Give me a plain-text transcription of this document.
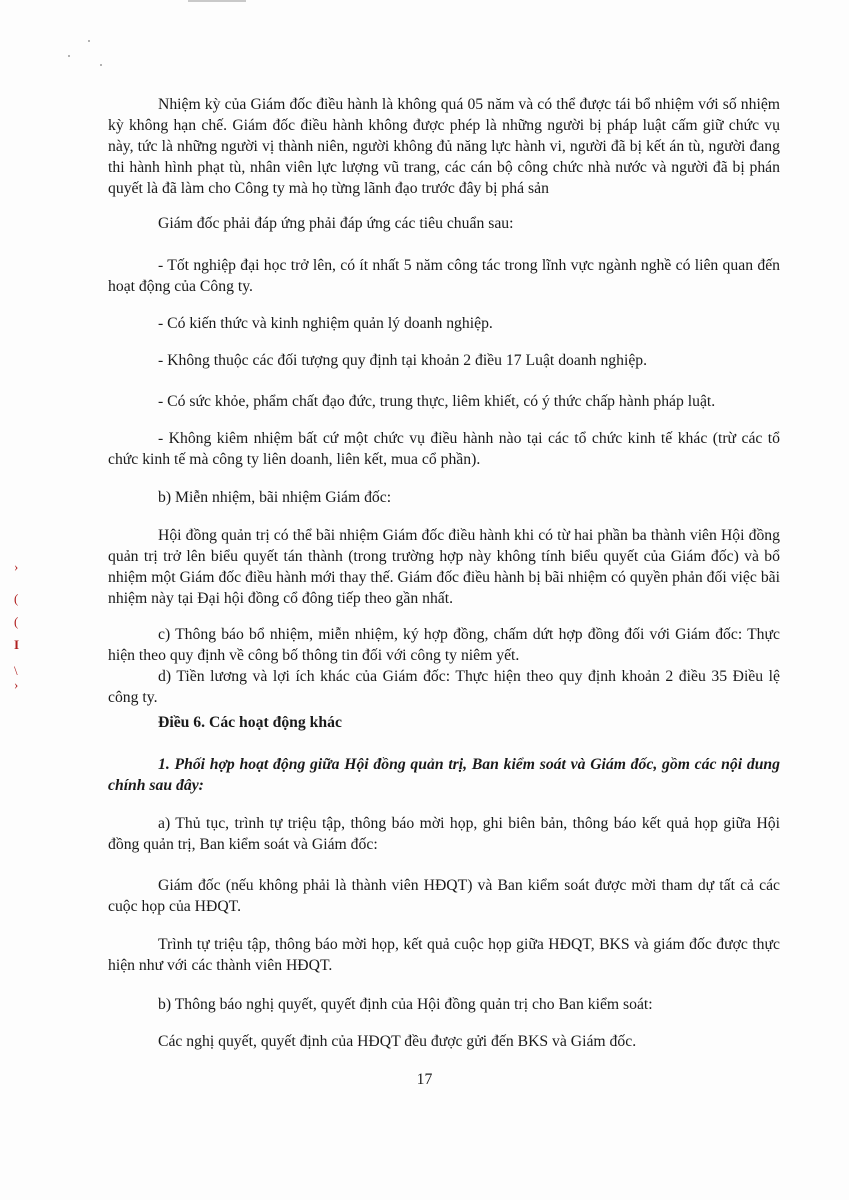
›
(
(
I
\
›

Nhiệm kỳ của Giám đốc điều hành là không quá 05 năm và có thể được tái bổ nhiệm với số nhiệm kỳ không hạn chế. Giám đốc điều hành không được phép là những người bị pháp luật cấm giữ chức vụ này, tức là những người vị thành niên, người không đủ năng lực hành vi, người đã bị kết án tù, người đang thi hành hình phạt tù, nhân viên lực lượng vũ trang, các cán bộ công chức nhà nước và người đã bị phán quyết là đã làm cho Công ty mà họ từng lãnh đạo trước đây bị phá sản

Giám đốc phải đáp ứng phải đáp ứng các tiêu chuẩn sau:

- Tốt nghiệp đại học trở lên, có ít nhất 5 năm công tác trong lĩnh vực ngành nghề có liên quan đến hoạt động của Công ty.

- Có kiến thức và kinh nghiệm quản lý doanh nghiệp.

- Không thuộc các đối tượng quy định tại khoản 2 điều 17 Luật doanh nghiệp.

- Có sức khỏe, phẩm chất đạo đức, trung thực, liêm khiết, có ý thức chấp hành pháp luật.

- Không kiêm nhiệm bất cứ một chức vụ điều hành nào tại các tổ chức kinh tế khác (trừ các tổ chức kinh tế mà công ty liên doanh, liên kết, mua cổ phần).

b) Miễn nhiệm, bãi nhiệm Giám đốc:

Hội đồng quản trị có thể bãi nhiệm Giám đốc điều hành khi có từ hai phần ba thành viên Hội đồng quản trị trở lên biểu quyết tán thành (trong trường hợp này không tính biểu quyết của Giám đốc) và bổ nhiệm một Giám đốc điều hành mới thay thế. Giám đốc điều hành bị bãi nhiệm có quyền phản đối việc bãi nhiệm này tại Đại hội đồng cổ đông tiếp theo gần nhất.

c) Thông báo bổ nhiệm, miễn nhiệm, ký hợp đồng, chấm dứt hợp đồng đối với Giám đốc: Thực hiện theo quy định về công bố thông tin đối với công ty niêm yết.

d) Tiền lương và lợi ích khác của Giám đốc: Thực hiện theo quy định khoản 2 điều 35 Điều lệ công ty.

Điều 6. Các hoạt động khác

1. Phối hợp hoạt động giữa Hội đồng quản trị, Ban kiểm soát và Giám đốc, gồm các nội dung chính sau đây:

a) Thủ tục, trình tự triệu tập, thông báo mời họp, ghi biên bản, thông báo kết quả họp giữa Hội đồng quản trị, Ban kiểm soát và Giám đốc:

Giám đốc (nếu không phải là thành viên HĐQT) và Ban kiểm soát được mời tham dự tất cả các cuộc họp của HĐQT.

Trình tự triệu tập, thông báo mời họp, kết quả cuộc họp giữa HĐQT, BKS và giám đốc được thực hiện như với các thành viên HĐQT.

b) Thông báo nghị quyết, quyết định của Hội đồng quản trị cho Ban kiểm soát:

Các nghị quyết, quyết định của HĐQT đều được gửi đến BKS và Giám đốc.

17
